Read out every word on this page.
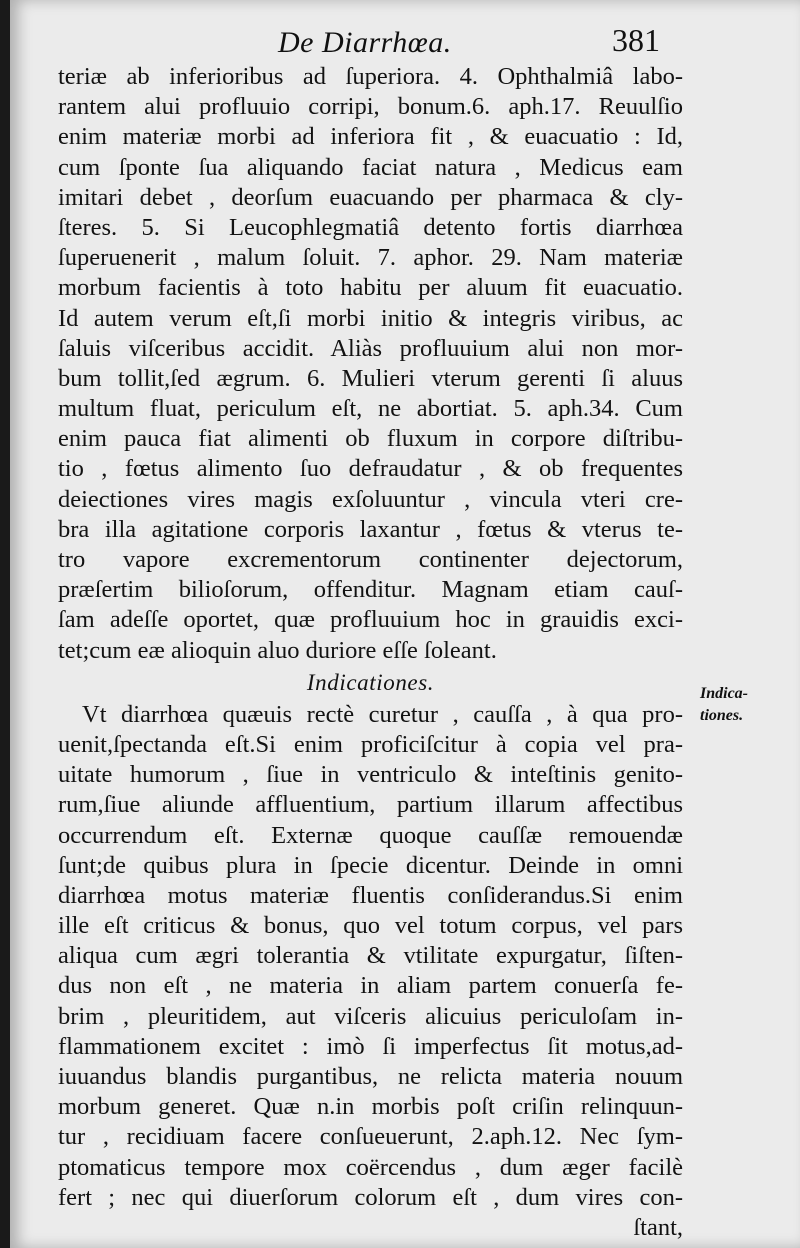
De Diarrhœa.	381
teriæ ab inferioribus ad ſuperiora. 4. Ophthalmiâ labo-
rantem alui profluuio corripi, bonum.6. aph.17. Reuulſio
enim materiæ morbi ad inferiora fit , & euacuatio : Id,
cum ſponte ſua aliquando faciat natura , Medicus eam
imitari debet , deorſum euacuando per pharmaca & cly-
ſteres. 5. Si Leucophlegmatiâ detento fortis diarrhœa
ſuperuenerit , malum ſoluit. 7. aphor. 29. Nam materiæ
morbum facientis à toto habitu per aluum fit euacuatio.
Id autem verum eſt,ſi morbi initio & integris viribus, ac
ſaluis viſceribus accidit. Aliàs profluuium alui non mor-
bum tollit,ſed ægrum. 6. Mulieri vterum gerenti ſi aluus
multum fluat, periculum eſt, ne abortiat. 5. aph.34. Cum
enim pauca fiat alimenti ob fluxum in corpore diſtribu-
tio , fœtus alimento ſuo defraudatur , & ob frequentes
deiectiones vires magis exſoluuntur , vincula vteri cre-
bra illa agitatione corporis laxantur , fœtus & vterus te-
tro vapore excrementorum continenter dejectorum,
præſertim bilioſorum, offenditur. Magnam etiam cauſ-
ſam adeſſe oportet, quæ profluuium hoc in grauidis exci-
tet;cum eæ alioquin aluo duriore eſſe ſoleant.
Indicationes.
Vt diarrhœa quæuis rectè curetur , cauſſa , à qua pro-
uenit,ſpectanda eſt.Si enim proficiſcitur à copia vel pra-
uitate humorum , ſiue in ventriculo & inteſtinis genito-
rum,ſiue aliunde affluentium, partium illarum affectibus
occurrendum eſt. Externæ quoque cauſſæ remouendæ
ſunt;de quibus plura in ſpecie dicentur. Deinde in omni
diarrhœa motus materiæ fluentis conſiderandus.Si enim
ille eſt criticus & bonus, quo vel totum corpus, vel pars
aliqua cum ægri tolerantia & vtilitate expurgatur, ſiſten-
dus non eſt , ne materia in aliam partem conuerſa fe-
brim , pleuritidem, aut viſceris alicuius periculoſam in-
flammationem excitet : imò ſi imperfectus ſit motus,ad-
iuuandus blandis purgantibus, ne relicta materia nouum
morbum generet. Quæ n.in morbis poſt criſin relinquun-
tur , recidiuam facere conſueuerunt, 2.aph.12. Nec ſym-
ptomaticus tempore mox coërcendus , dum æger facilè
fert ; nec qui diuerſorum colorum eſt , dum vires con-
ſtant,
Indica-
tiones.
